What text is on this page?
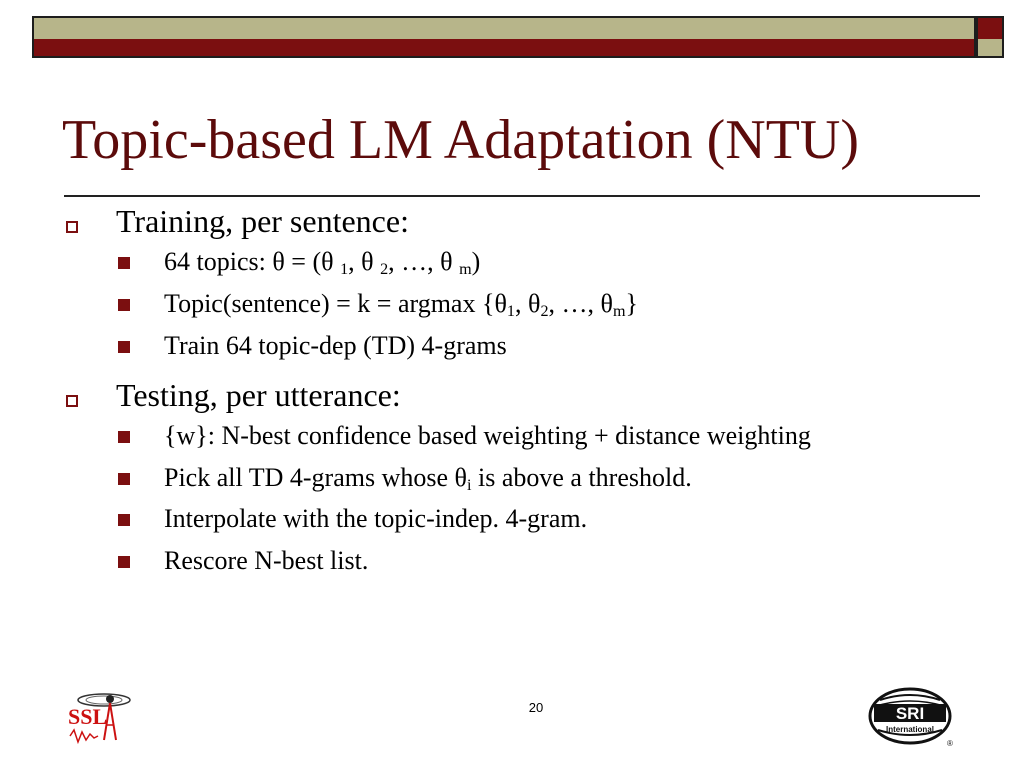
Topic-based LM Adaptation (NTU)
Training, per sentence:
64 topics: θ = (θ $_1$, θ $_2$, …, θ $_m$)
Topic(sentence) = k = argmax {$\theta_1$, $\theta_2$, …, $\theta_m$}
Train 64 topic-dep (TD) 4-grams
Testing, per utterance:
{w}: N-best confidence based weighting + distance weighting
Pick all TD 4-grams whose $\theta_i$ is above a threshold.
Interpolate with the topic-indep. 4-gram.
Rescore N-best list.
20
SSL	SRI
International
®
